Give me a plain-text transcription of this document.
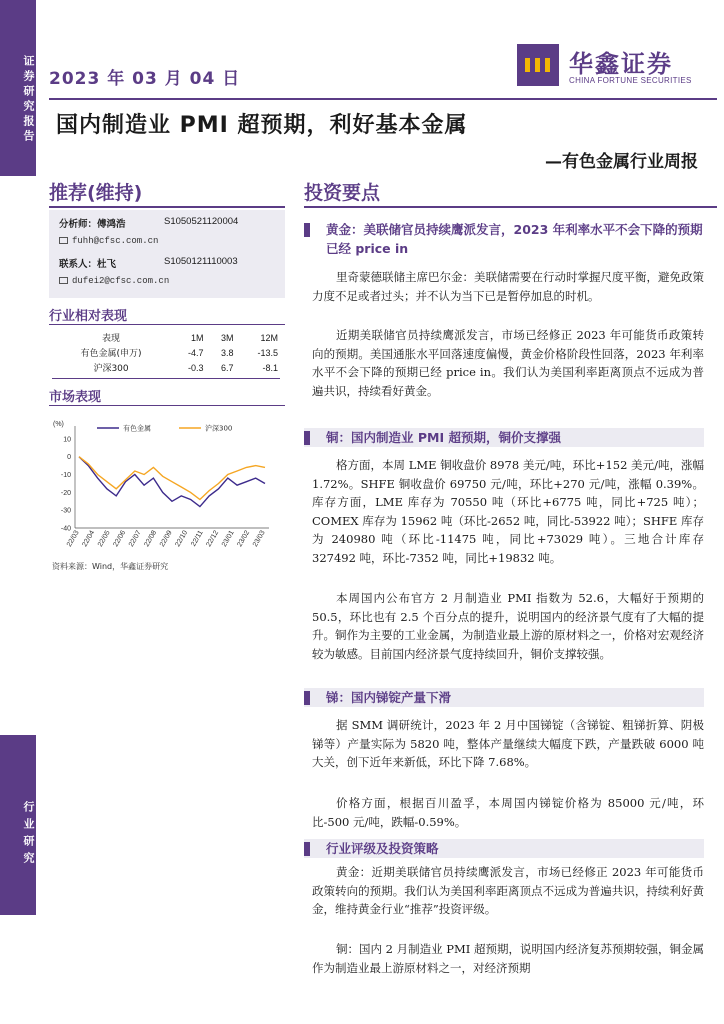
证券研究报告
行业研究
2023 年 03 月 04 日
华鑫证券
CHINA FORTUNE SECURITIES
国内制造业 PMI 超预期，利好基本金属
—有色金属行业周报
推荐(维持)
分析师：傅鸿浩	S1050521120004
fuhh@cfsc.com.cn
联系人：杜飞	S1050121110003
dufei2@cfsc.com.cn
行业相对表现
表现	1M	3M	12M
有色金属(申万)	-4.7	3.8	-13.5
沪深300	-0.3	6.7	-8.1
市场表现
(%)
10
0
-10
-20
-30
-40
22/03 22/04 22/05 22/06 22/07 22/08 22/09 22/10 22/11 22/12 23/01 23/02 23/03
有色金属	沪深300
资料来源：Wind，华鑫证券研究
投资要点
黄金：美联储官员持续鹰派发言，2023 年利率水平不会下降的预期已经 price in
里奇蒙德联储主席巴尔金：美联储需要在行动时掌握尺度平衡，避免政策力度不足或者过头；并不认为当下已是暂停加息的时机。
近期美联储官员持续鹰派发言，市场已经修正 2023 年可能货币政策转向的预期。美国通胀水平回落速度偏慢，黄金价格阶段性回落，2023 年利率水平不会下降的预期已经 price in。我们认为美国利率距离顶点不远成为普遍共识，持续看好黄金。
铜：国内制造业 PMI 超预期，铜价支撑强
格方面，本周 LME 铜收盘价 8978 美元/吨，环比+152 美元/吨，涨幅 1.72%。SHFE 铜收盘价 69750 元/吨，环比+270 元/吨，涨幅 0.39%。库存方面，LME 库存为 70550 吨（环比+6775 吨，同比+725 吨）；COMEX 库存为 15962 吨（环比-2652 吨，同比-53922 吨）；SHFE 库存为 240980 吨（环比-11475 吨，同比+73029 吨）。三地合计库存 327492 吨，环比-7352 吨，同比+19832 吨。
本周国内公布官方 2 月制造业 PMI 指数为 52.6，大幅好于预期的 50.5，环比也有 2.5 个百分点的提升，说明国内的经济景气度有了大幅的提升。铜作为主要的工业金属，为制造业最上游的原材料之一，价格对宏观经济较为敏感。目前国内经济景气度持续回升，铜价支撑较强。
锑：国内锑锭产量下滑
据 SMM 调研统计，2023 年 2 月中国锑锭（含锑锭、粗锑折算、阴极锑等）产量实际为 5820 吨，整体产量继续大幅度下跌，产量跌破 6000 吨大关，创下近年来新低，环比下降 7.68%。
价格方面，根据百川盈孚，本周国内锑锭价格为 85000 元/吨，环比-500 元/吨，跌幅-0.59%。
行业评级及投资策略
黄金：近期美联储官员持续鹰派发言，市场已经修正 2023 年可能货币政策转向的预期。我们认为美国利率距离顶点不远成为普遍共识，持续利好黄金，维持黄金行业“推荐”投资评级。
铜：国内 2 月制造业 PMI 超预期，说明国内经济复苏预期较强，铜金属作为制造业最上游原材料之一，对经济预期
